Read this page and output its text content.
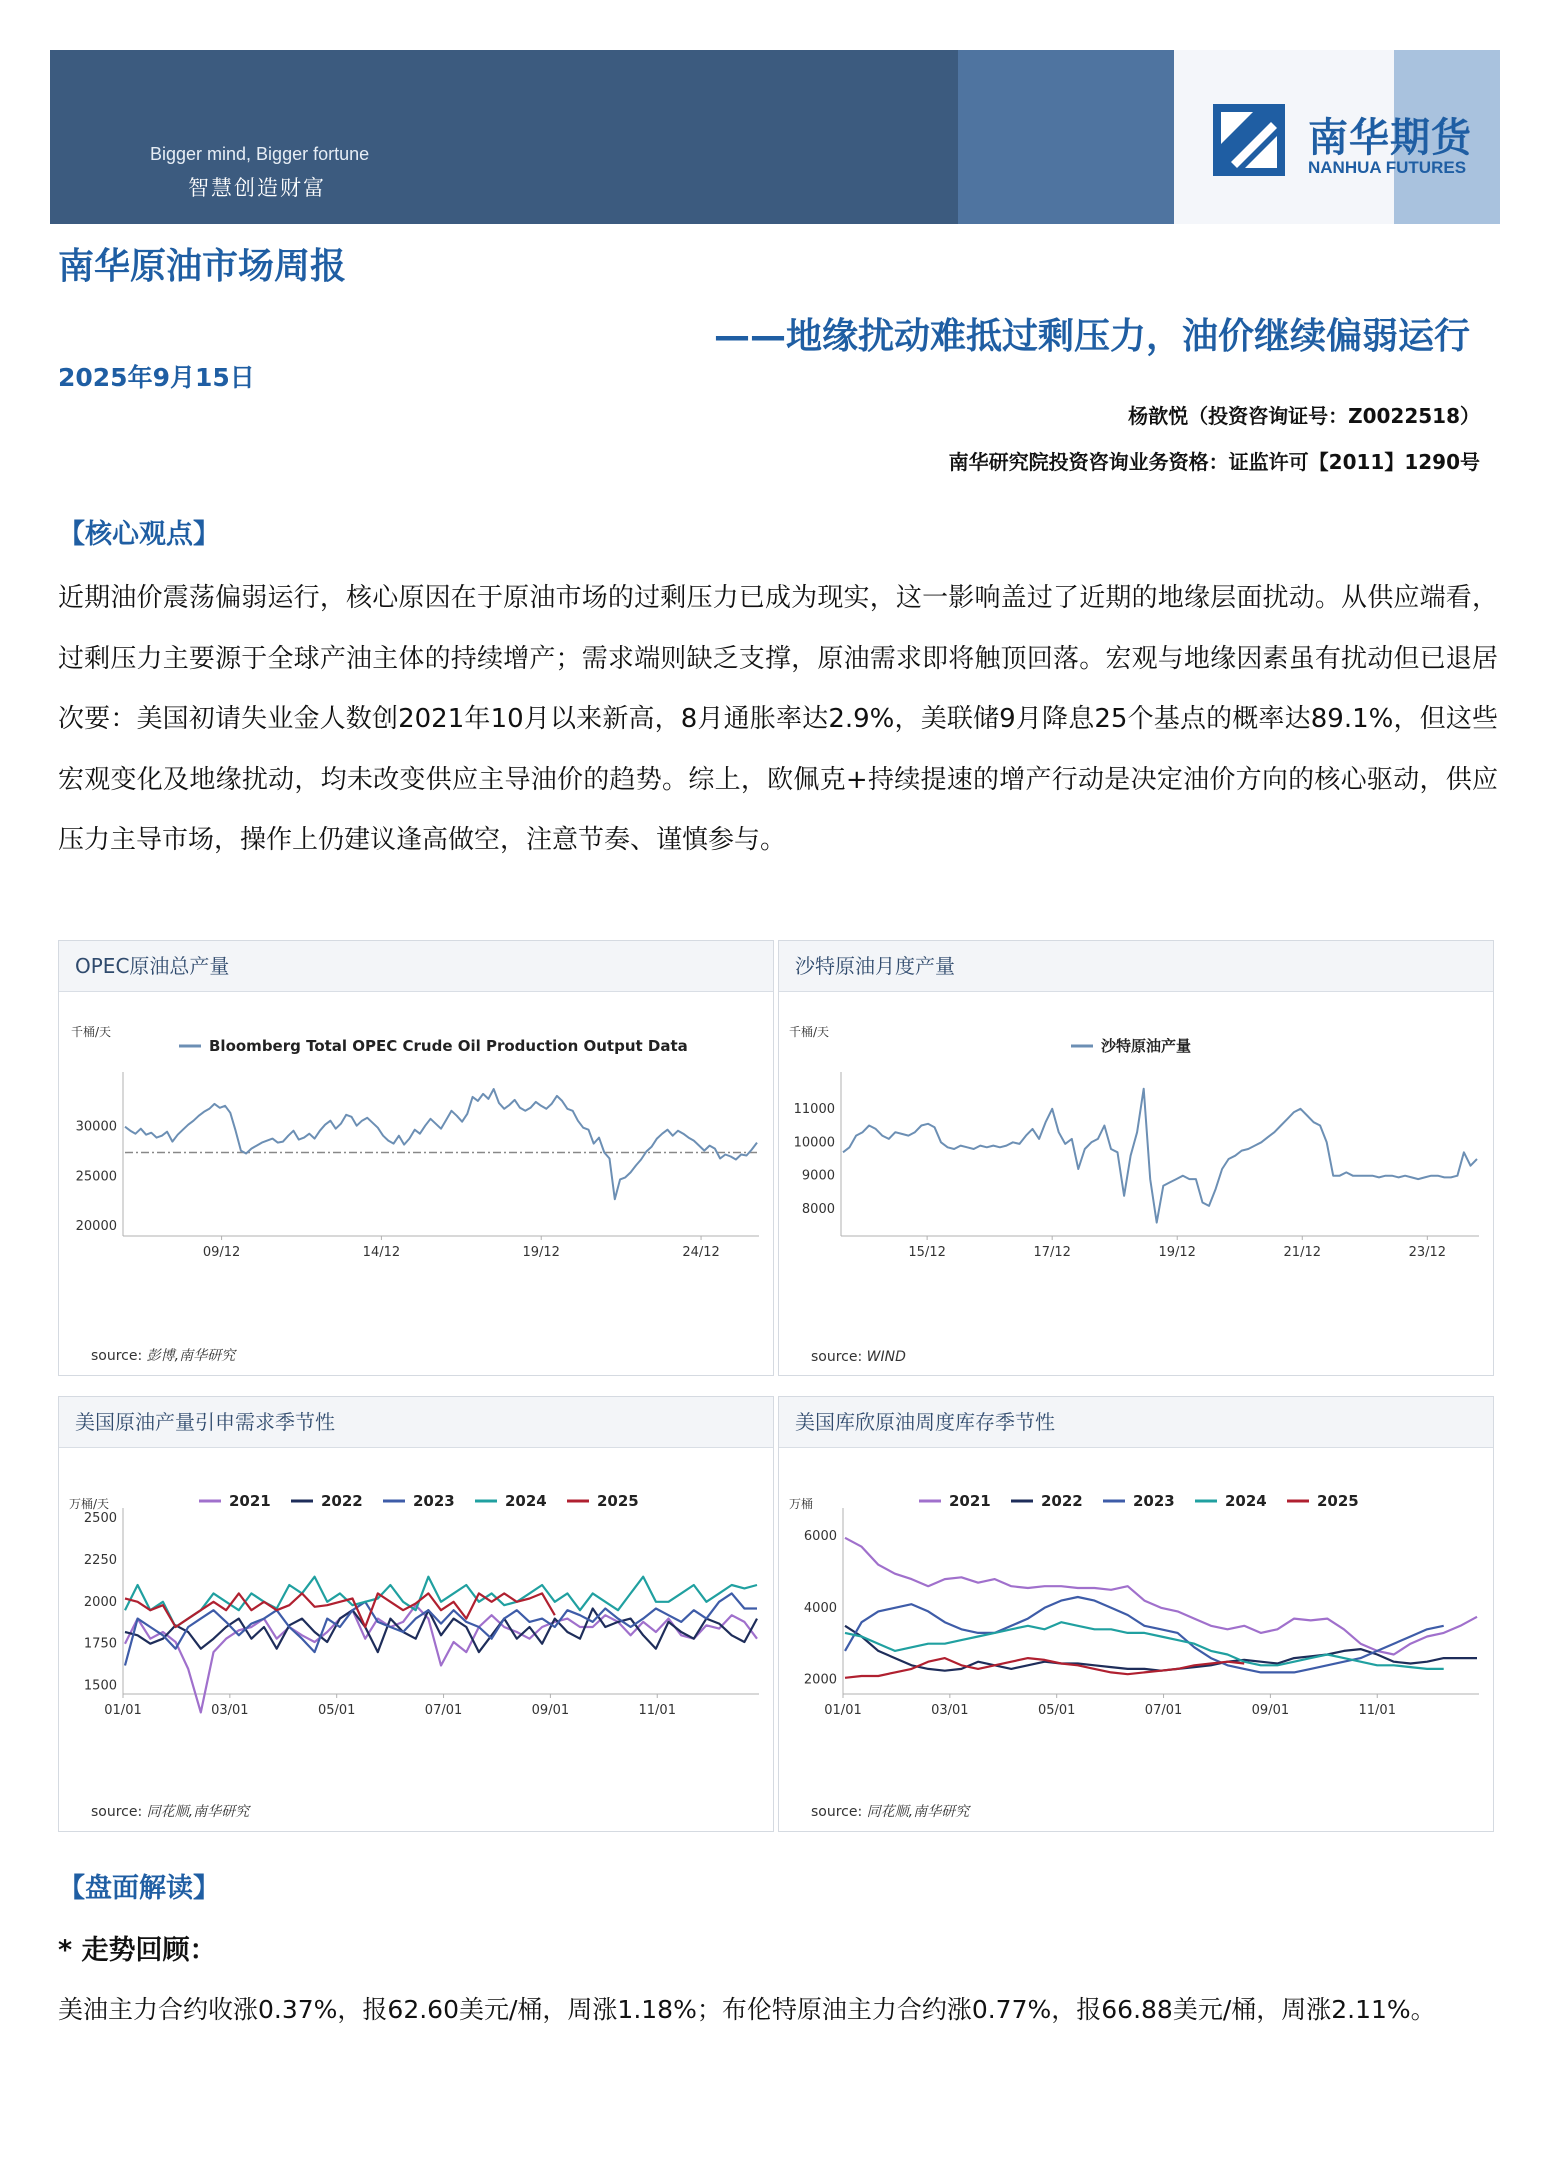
Bigger mind, Bigger fortune
智慧创造财富
南华期货
NANHUA FUTURES
南华原油市场周报
——地缘扰动难抵过剩压力，油价继续偏弱运行
2025年9月15日
杨歆悦（投资咨询证号：Z0022518）
南华研究院投资咨询业务资格：证监许可【2011】1290号
【核心观点】
近期油价震荡偏弱运行，核心原因在于原油市场的过剩压力已成为现实，这一影响盖过了近期的地缘层面扰动。从供应端看，过剩压力主要源于全球产油主体的持续增产；需求端则缺乏支撑，原油需求即将触顶回落。宏观与地缘因素虽有扰动但已退居次要：美国初请失业金人数创2021年10月以来新高，8月通胀率达2.9%，美联储9月降息25个基点的概率达89.1%，但这些宏观变化及地缘扰动，均未改变供应主导油价的趋势。综上，欧佩克+持续提速的增产行动是决定油价方向的核心驱动，供应压力主导市场，操作上仍建议逢高做空，注意节奏、谨慎参与。
OPEC原油总产量
千桶/天
30000
25000
20000
09/12	14/12	19/12	24/12
Bloomberg Total OPEC Crude Oil Production Output Data
source: 彭博,南华研究
沙特原油月度产量
千桶/天
11000
10000
9000
8000
15/12	17/12	19/12	21/12	23/12
沙特原油产量
source: WIND
美国原油产量引申需求季节性
万桶/天
2500
2250
2000
1750
1500
01/01	03/01	05/01	07/01	09/01	11/01
2021	2022	2023	2024	2025
source: 同花顺,南华研究
美国库欣原油周度库存季节性
万桶
6000
4000
2000
01/01	03/01	05/01	07/01	09/01	11/01
2021	2022	2023	2024	2025
source: 同花顺,南华研究
【盘面解读】
* 走势回顾：
美油主力合约收涨0.37%，报62.60美元/桶，周涨1.18%；布伦特原油主力合约涨0.77%，报66.88美元/桶，周涨2.11%。
